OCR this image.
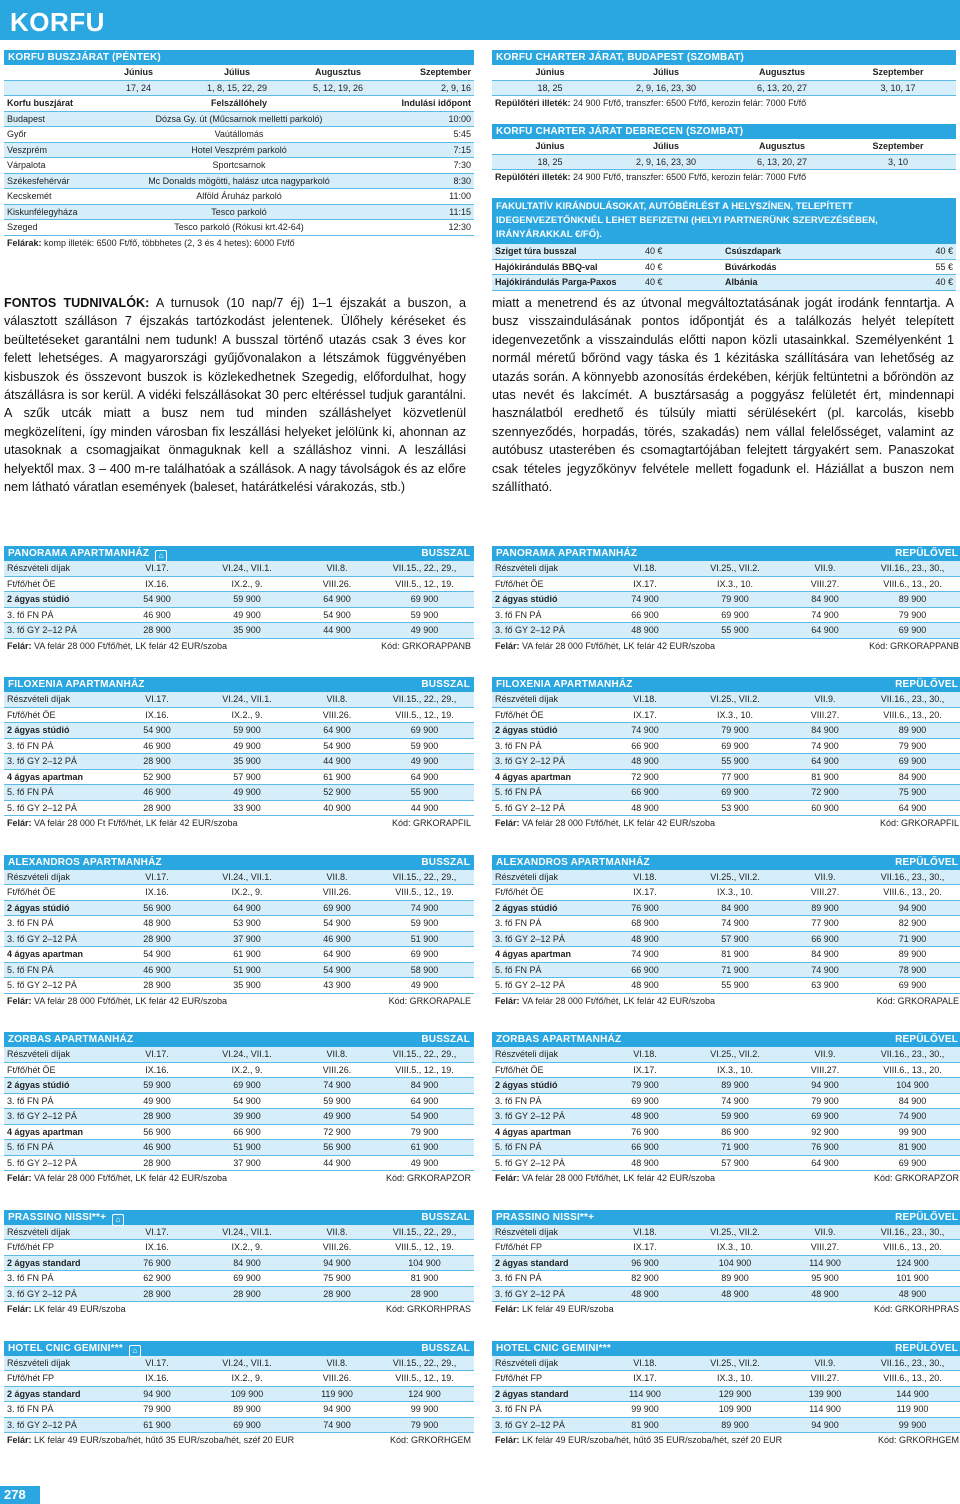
KORFU
KORFU BUSZJÁRAT (PÉNTEK)
Június	Július	Augusztus	Szeptember
17, 24	1, 8, 15, 22, 29	5, 12, 19, 26	2, 9, 16
Korfu buszjárat	Felszállóhely	Indulási időpont
Budapest	Dózsa Gy. út (Műcsarnok melletti parkoló)	10:00
Győr	Vaútállomás	5:45
Veszprém	Hotel Veszprém parkoló	7:15
Várpalota	Sportcsarnok	7:30
Székesfehérvár	Mc Donalds mögötti, halász utca nagyparkoló	8:30
Kecskemét	Alföld Áruház parkoló	11:00
Kiskunfélegyháza	Tesco parkoló	11:15
Szeged	Tesco parkoló (Rókusi krt.42-64)	12:30
Felárak: komp illeték: 6500 Ft/fő, többhetes (2, 3 és 4 hetes): 6000 Ft/fő
KORFU CHARTER JÁRAT, BUDAPEST (SZOMBAT)
Június	Július	Augusztus	Szeptember
18, 25	2, 9, 16, 23, 30	6, 13, 20, 27	3, 10, 17
Repülőtéri illeték: 24 900 Ft/fő, transzfer: 6500 Ft/fő, kerozin felár: 7000 Ft/fő
KORFU CHARTER JÁRAT DEBRECEN (SZOMBAT)
Június	Július	Augusztus	Szeptember
18, 25	2, 9, 16, 23, 30	6, 13, 20, 27	3, 10
Repülőtéri illeték: 24 900 Ft/fő, transzfer: 6500 Ft/fő, kerozin felár: 7000 Ft/fő
FAKULTATÍV KIRÁNDULÁSOKAT, AUTÓBÉRLÉST A HELYSZÍNEN, TELEPÍTETT IDEGENVEZETŐNKNÉL LEHET BEFIZETNI (HELYI PARTNERÜNK SZERVEZÉSÉBEN, IRÁNYÁRAKKAL €/FŐ).
Sziget túra busszal	40 €	Csúszdapark	40 €
Hajókirándulás BBQ-val	40 €	Búvárkodás	55 €
Hajókirándulás Parga-Paxos	40 €	Albánia	40 €
FONTOS TUDNIVALÓK: A turnusok (10 nap/7 éj) 1–1 éjszakát a buszon, a választott szálláson 7 éjszakás tartózkodást jelentenek. Ülőhely kéréseket és beültetéseket garantálni nem tudunk! A busszal történő utazás csak 3 éves kor felett lehetséges. A magyarországi gyűjővonalakon a létszámok függvényében kisbuszok és összevont buszok is közlekedhetnek Szegedig, előfordulhat, hogy átszállásra is sor kerül. A vidéki felszállásokat 30 perc eltéréssel tudjuk garantálni. A szűk utcák miatt a busz nem tud minden szálláshelyet közvetlenül megközelíteni, így minden városban fix leszállási helyeket jelölünk ki, ahonnan az utasoknak a csomagjaikat önmaguknak kell a szálláshoz vinni. A leszállási helyektől max. 3 – 400 m-re találhatóak a szállások. A nagy távolságok és az előre nem látható váratlan események (baleset, határátkelési várakozás, stb.)
miatt a menetrend és az útvonal megváltoztatásának jogát irodánk fenntartja. A busz visszaindulásának pontos időpontját és a találkozás helyét telepített idegenvezetőnk a visszaindulás előtti napon közli utasainkkal. Személyenként 1 normál méretű bőrönd vagy táska és 1 kézitáska szállítására van lehetőség az utazás során. A könnyebb azonosítás érdekében, kérjük feltüntetni a bőröndön az utas nevét és lakcímét. A busztársaság a poggyász felületét ért, mindennapi használatból eredhető és túlsúly miatti sérülésekért (pl. karcolás, kisebb szennyeződés, horpadás, törés, szakadás) nem vállal felelősséget, valamint az autóbusz utasterében és csomagtartójában felejtett tárgyakért sem. Panaszokat csak tételes jegyzőkönyv felvétele mellett fogadunk el. Háziállat a buszon nem szállítható.
PANORAMA APARTMANHÁZ ⌂	BUSSZAL
Részvételi díjak	VI.17.	VI.24., VII.1.	VII.8.	VII.15., 22., 29.,
Ft/fő/hét ÖE	IX.16.	IX.2., 9.	VIII.26.	VIII.5., 12., 19.
2 ágyas stúdió	54 900	59 900	64 900	69 900
3. fő FN PÁ	46 900	49 900	54 900	59 900
3. fő GY 2–12 PÁ	28 900	35 900	44 900	49 900
Felár: VA felár 28 000 Ft/fő/hét, LK felár 42 EUR/szoba	Kód: GRKORAPPANB
FILOXENIA APARTMANHÁZ	BUSSZAL
Részvételi díjak	VI.17.	VI.24., VII.1.	VII.8.	VII.15., 22., 29.,
Ft/fő/hét ÖE	IX.16.	IX.2., 9.	VIII.26.	VIII.5., 12., 19.
2 ágyas stúdió	54 900	59 900	64 900	69 900
3. fő FN PÁ	46 900	49 900	54 900	59 900
3. fő GY 2–12 PÁ	28 900	35 900	44 900	49 900
4 ágyas apartman	52 900	57 900	61 900	64 900
5. fő FN PÁ	46 900	49 900	52 900	55 900
5. fő GY 2–12 PÁ	28 900	33 900	40 900	44 900
Felár: VA felár 28 000 Ft Ft/fő/hét, LK felár 42 EUR/szoba	Kód: GRKORAPFIL
ALEXANDROS APARTMANHÁZ	BUSSZAL
Részvételi díjak	VI.17.	VI.24., VII.1.	VII.8.	VII.15., 22., 29.,
Ft/fő/hét ÖE	IX.16.	IX.2., 9.	VIII.26.	VIII.5., 12., 19.
2 ágyas stúdió	56 900	64 900	69 900	74 900
3. fő FN PÁ	48 900	53 900	54 900	59 900
3. fő GY 2–12 PÁ	28 900	37 900	46 900	51 900
4 ágyas apartman	54 900	61 900	64 900	69 900
5. fő FN PÁ	46 900	51 900	54 900	58 900
5. fő GY 2–12 PÁ	28 900	35 900	43 900	49 900
Felár: VA felár 28 000 Ft/fő/hét, LK felár 42 EUR/szoba	Kód: GRKORAPALE
ZORBAS APARTMANHÁZ	BUSSZAL
Részvételi díjak	VI.17.	VI.24., VII.1.	VII.8.	VII.15., 22., 29.,
Ft/fő/hét ÖE	IX.16.	IX.2., 9.	VIII.26.	VIII.5., 12., 19.
2 ágyas stúdió	59 900	69 900	74 900	84 900
3. fő FN PÁ	49 900	54 900	59 900	64 900
3. fő GY 2–12 PÁ	28 900	39 900	49 900	54 900
4 ágyas apartman	56 900	66 900	72 900	79 900
5. fő FN PÁ	46 900	51 900	56 900	61 900
5. fő GY 2–12 PÁ	28 900	37 900	44 900	49 900
Felár: VA felár 28 000 Ft/fő/hét, LK felár 42 EUR/szoba	Kód: GRKORAPZOR
PRASSINO NISSI**+ ⌂	BUSSZAL
Részvételi díjak	VI.17.	VI.24., VII.1.	VII.8.	VII.15., 22., 29.,
Ft/fő/hét FP	IX.16.	IX.2., 9.	VIII.26.	VIII.5., 12., 19.
2 ágyas standard	76 900	84 900	94 900	104 900
3. fő FN PÁ	62 900	69 900	75 900	81 900
3. fő GY 2–12 PÁ	28 900	28 900	28 900	28 900
Felár: LK felár 49 EUR/szoba	Kód: GRKORHPRAS
HOTEL CNIC GEMINI*** ⌂	BUSSZAL
Részvételi díjak	VI.17.	VI.24., VII.1.	VII.8.	VII.15., 22., 29.,
Ft/fő/hét FP	IX.16.	IX.2., 9.	VIII.26.	VIII.5., 12., 19.
2 ágyas standard	94 900	109 900	119 900	124 900
3. fő FN PÁ	79 900	89 900	94 900	99 900
3. fő GY 2–12 PÁ	61 900	69 900	74 900	79 900
Felár: LK felár 49 EUR/szoba/hét, hűtő 35 EUR/szoba/hét, széf 20 EUR	Kód: GRKORHGEM
PANORAMA APARTMANHÁZ	REPÜLŐVEL
Részvételi díjak	VI.18.	VI.25., VII.2.	VII.9.	VII.16., 23., 30.,
Ft/fő/hét ÖE	IX.17.	IX.3., 10.	VIII.27.	VIII.6., 13., 20.
2 ágyas stúdió	74 900	79 900	84 900	89 900
3. fő FN PÁ	66 900	69 900	74 900	79 900
3. fő GY 2–12 PÁ	48 900	55 900	64 900	69 900
Felár: VA felár 28 000 Ft/fő/hét, LK felár 42 EUR/szoba	Kód: GRKORAPPANB
FILOXENIA APARTMANHÁZ	REPÜLŐVEL
Részvételi díjak	VI.18.	VI.25., VII.2.	VII.9.	VII.16., 23., 30.,
Ft/fő/hét ÖE	IX.17.	IX.3., 10.	VIII.27.	VIII.6., 13., 20.
2 ágyas stúdió	74 900	79 900	84 900	89 900
3. fő FN PÁ	66 900	69 900	74 900	79 900
3. fő GY 2–12 PÁ	48 900	55 900	64 900	69 900
4 ágyas apartman	72 900	77 900	81 900	84 900
5. fő FN PÁ	66 900	69 900	72 900	75 900
5. fő GY 2–12 PÁ	48 900	53 900	60 900	64 900
Felár: VA felár 28 000 Ft/fő/hét, LK felár 42 EUR/szoba	Kód: GRKORAPFIL
ALEXANDROS APARTMANHÁZ	REPÜLŐVEL
Részvételi díjak	VI.18.	VI.25., VII.2.	VII.9.	VII.16., 23., 30.,
Ft/fő/hét ÖE	IX.17.	IX.3., 10.	VIII.27.	VIII.6., 13., 20.
2 ágyas stúdió	76 900	84 900	89 900	94 900
3. fő FN PÁ	68 900	74 900	77 900	82 900
3. fő GY 2–12 PÁ	48 900	57 900	66 900	71 900
4 ágyas apartman	74 900	81 900	84 900	89 900
5. fő FN PÁ	66 900	71 900	74 900	78 900
5. fő GY 2–12 PÁ	48 900	55 900	63 900	69 900
Felár: VA felár 28 000 Ft/fő/hét, LK felár 42 EUR/szoba	Kód: GRKORAPALE
ZORBAS APARTMANHÁZ	REPÜLŐVEL
Részvételi díjak	VI.18.	VI.25., VII.2.	VII.9.	VII.16., 23., 30.,
Ft/fő/hét ÖE	IX.17.	IX.3., 10.	VIII.27.	VIII.6., 13., 20.
2 ágyas stúdió	79 900	89 900	94 900	104 900
3. fő FN PÁ	69 900	74 900	79 900	84 900
3. fő GY 2–12 PÁ	48 900	59 900	69 900	74 900
4 ágyas apartman	76 900	86 900	92 900	99 900
5. fő FN PÁ	66 900	71 900	76 900	81 900
5. fő GY 2–12 PÁ	48 900	57 900	64 900	69 900
Felár: VA felár 28 000 Ft/fő/hét, LK felár 42 EUR/szoba	Kód: GRKORAPZOR
PRASSINO NISSI**+	REPÜLŐVEL
Részvételi díjak	VI.18.	VI.25., VII.2.	VII.9.	VII.16., 23., 30.,
Ft/fő/hét FP	IX.17.	IX.3., 10.	VIII.27.	VIII.6., 13., 20.
2 ágyas standard	96 900	104 900	114 900	124 900
3. fő FN PÁ	82 900	89 900	95 900	101 900
3. fő GY 2–12 PÁ	48 900	48 900	48 900	48 900
Felár: LK felár 49 EUR/szoba	Kód: GRKORHPRAS
HOTEL CNIC GEMINI***	REPÜLŐVEL
Részvételi díjak	VI.18.	VI.25., VII.2.	VII.9.	VII.16., 23., 30.,
Ft/fő/hét FP	IX.17.	IX.3., 10.	VIII.27.	VIII.6., 13., 20.
2 ágyas standard	114 900	129 900	139 900	144 900
3. fő FN PÁ	99 900	109 900	114 900	119 900
3. fő GY 2–12 PÁ	81 900	89 900	94 900	99 900
Felár: LK felár 49 EUR/szoba/hét, hűtő 35 EUR/szoba/hét, széf 20 EUR	Kód: GRKORHGEM
278
